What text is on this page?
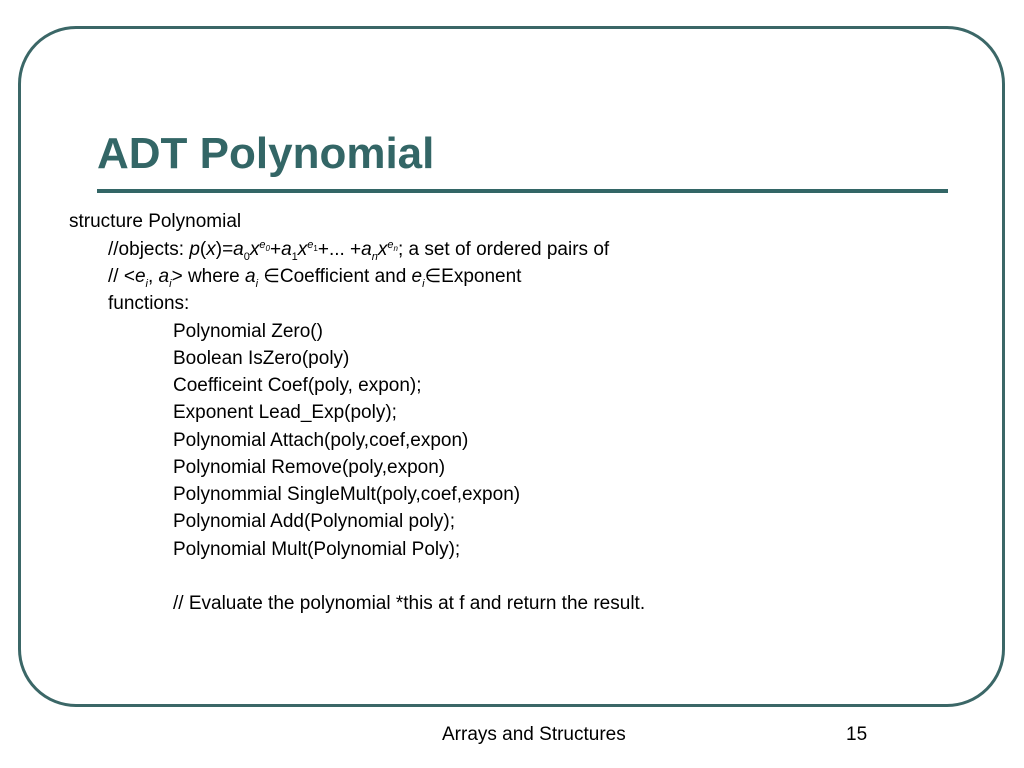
ADT Polynomial
structure Polynomial
//objects: $p(x)=a_0x^{e_0}+a_1x^{e_1}+$... $+a_nx^{e_n}$; a set of ordered pairs of
// $<e_i$, $a_i>$ where $a_i$ ∈Coefficient and $e_i\in Exponent$
functions:
Polynomial Zero()
Boolean IsZero(poly)
Coefficeint Coef(poly, expon);
Exponent Lead_Exp(poly);
Polynomial Attach(poly,coef,expon)
Polynomial Remove(poly,expon)
Polynommial SingleMult(poly,coef,expon)
Polynomial Add(Polynomial poly);
Polynomial Mult(Polynomial Poly);
// Evaluate the polynomial *this at f and return the result.
Arrays and Structures	15
